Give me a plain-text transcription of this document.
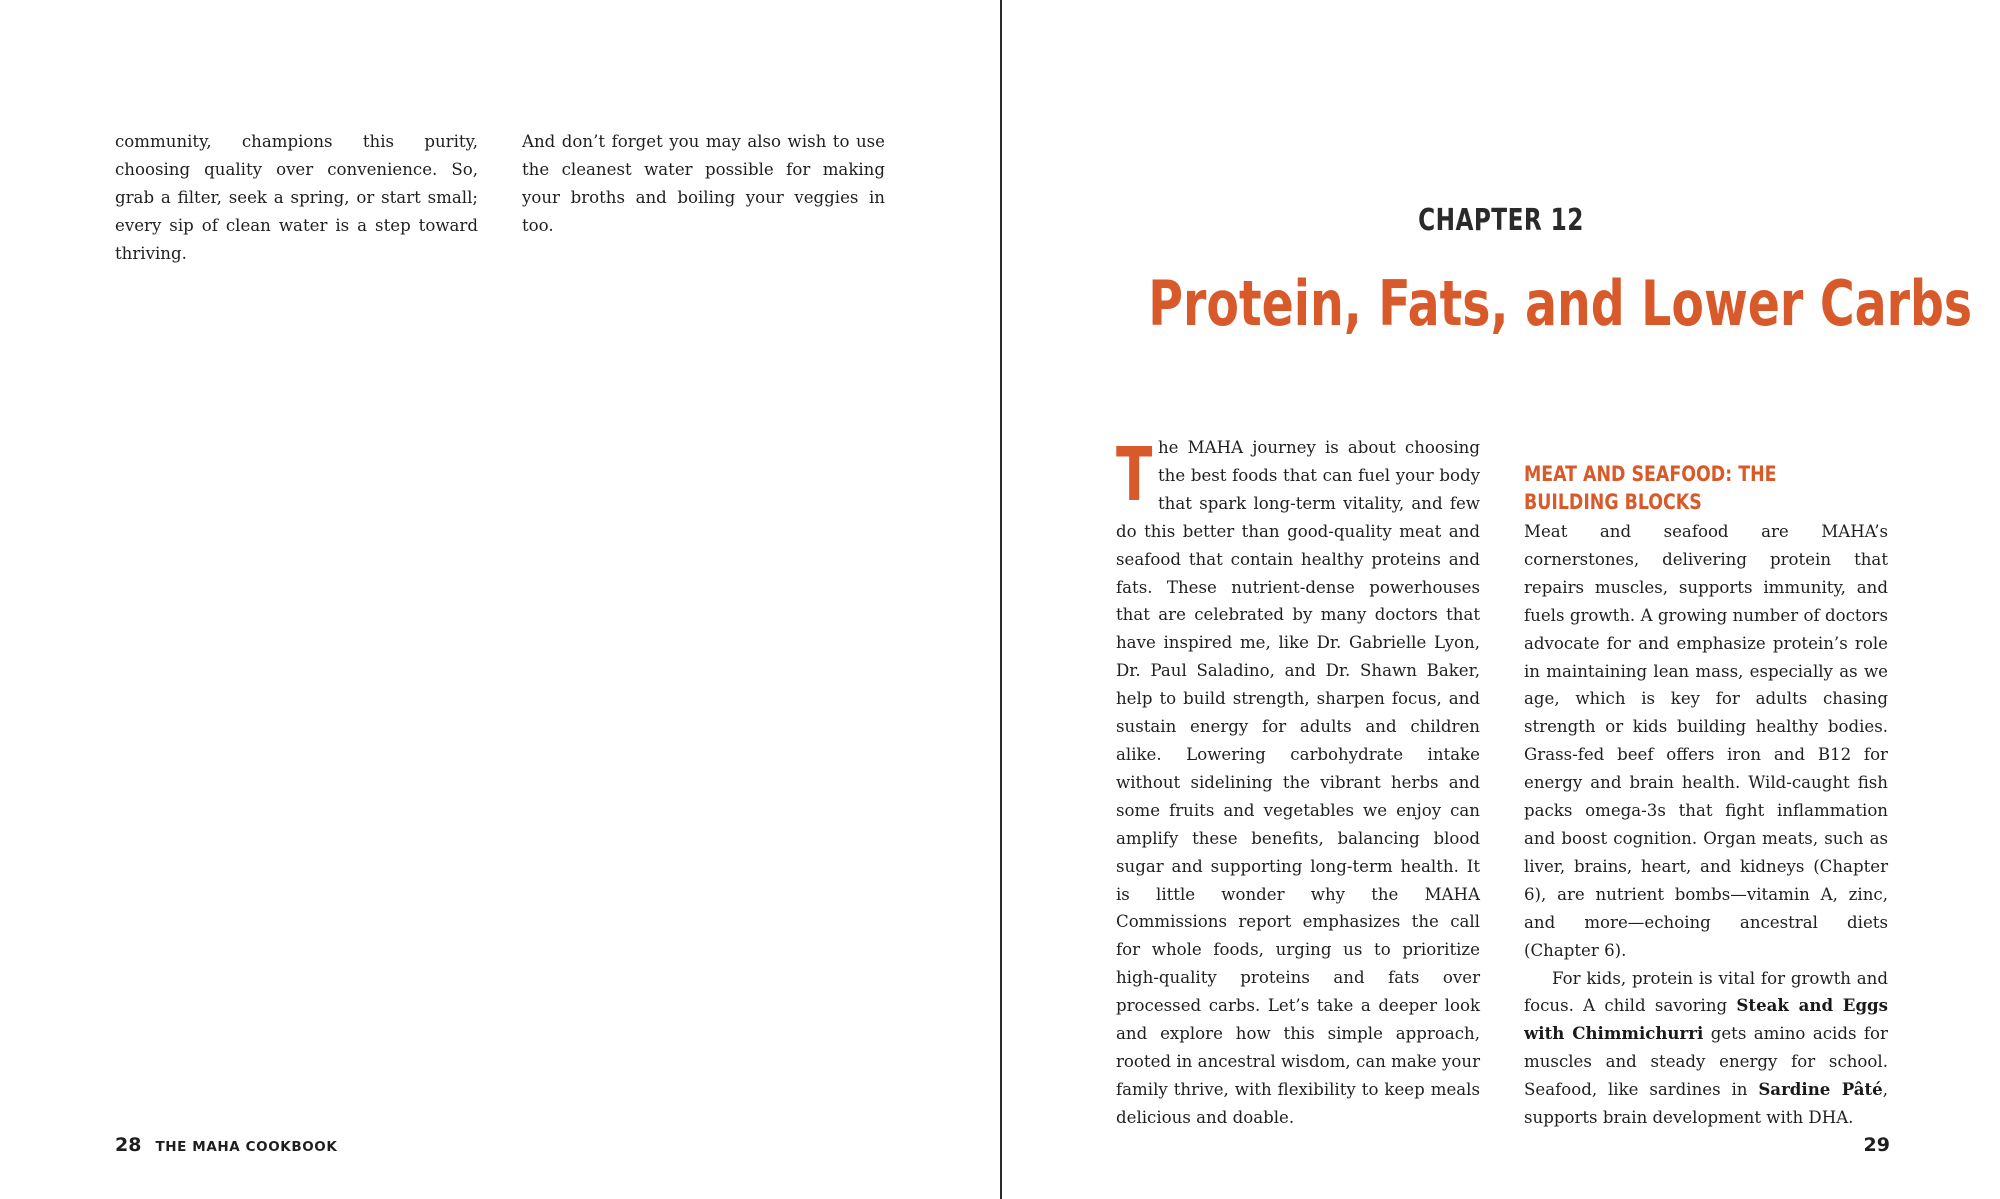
community, champions this purity, choosing quality over convenience. So, grab a filter, seek a spring, or start small; every sip of clean water is a step toward thriving.

And don’t forget you may also wish to use the cleanest water possible for making your broths and boiling your veggies in too.

28 THE MAHA COOKBOOK
CHAPTER 12
Protein, Fats, and Lower Carbs

The MAHA journey is about choosing the best foods that can fuel your body that spark long-term vitality, and few do this better than good-quality meat and seafood that contain healthy proteins and fats. These nutrient-dense powerhouses that are celebrated by many doctors that have inspired me, like Dr. Gabrielle Lyon, Dr. Paul Saladino, and Dr. Shawn Baker, help to build strength, sharpen focus, and sustain energy for adults and children alike. Lowering carbohydrate intake without sidelining the vibrant herbs and some fruits and vegetables we enjoy can amplify these benefits, balancing blood sugar and supporting long-term health. It is little wonder why the MAHA Commissions report emphasizes the call for whole foods, urging us to prioritize high-quality proteins and fats over processed carbs. Let’s take a deeper look and explore how this simple approach, rooted in ancestral wisdom, can make your family thrive, with flexibility to keep meals delicious and doable.

MEAT AND SEAFOOD: THE BUILDING BLOCKS

Meat and seafood are MAHA’s cornerstones, delivering protein that repairs muscles, supports immunity, and fuels growth. A growing number of doctors advocate for and emphasize protein’s role in maintaining lean mass, especially as we age, which is key for adults chasing strength or kids building healthy bodies. Grass-fed beef offers iron and B12 for energy and brain health. Wild-caught fish packs omega-3s that fight inflammation and boost cognition. Organ meats, such as liver, brains, heart, and kidneys (Chapter 6), are nutrient bombs—vitamin A, zinc, and more—echoing ancestral diets (Chapter 6).

For kids, protein is vital for growth and focus. A child savoring Steak and Eggs with Chimmichurri gets amino acids for muscles and steady energy for school. Seafood, like sardines in Sardine Pâté, supports brain development with DHA.

29
